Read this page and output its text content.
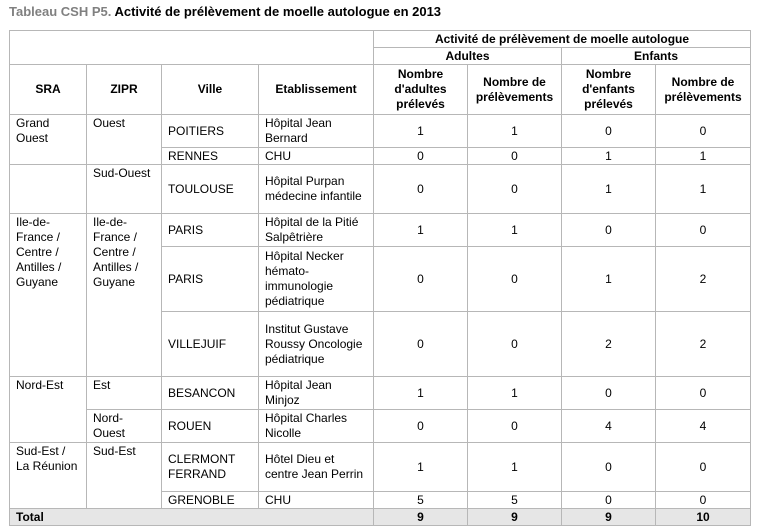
Tableau CSH P5. Activité de prélèvement de moelle autologue en 2013
				Activité de prélèvement de moelle autologue			
				Adultes		Enfants	
SRA	ZIPR	Ville	Etablissement	Nombre d'adultes prélevés	Nombre de prélèvements	Nombre d'enfants prélevés	Nombre de prélèvements
Grand Ouest	Ouest	POITIERS	Hôpital Jean Bernard	1	1	0	0
		RENNES	CHU	0	0	1	1
	Sud-Ouest	TOULOUSE	Hôpital Purpan médecine infantile	0	0	1	1
Ile-de-France / Centre / Antilles / Guyane	Ile-de-France / Centre / Antilles / Guyane	PARIS	Hôpital de la Pitié Salpêtrière	1	1	0	0
		PARIS	Hôpital Necker hémato-immunologie pédiatrique	0	0	1	2
		VILLEJUIF	Institut Gustave Roussy Oncologie pédiatrique	0	0	2	2
Nord-Est	Est	BESANCON	Hôpital Jean Minjoz	1	1	0	0
	Nord-Ouest	ROUEN	Hôpital Charles Nicolle	0	0	4	4
Sud-Est / La Réunion	Sud-Est	CLERMONT FERRAND	Hôtel Dieu et centre Jean Perrin	1	1	0	0
		GRENOBLE	CHU	5	5	0	0
Total				9	9	9	10
